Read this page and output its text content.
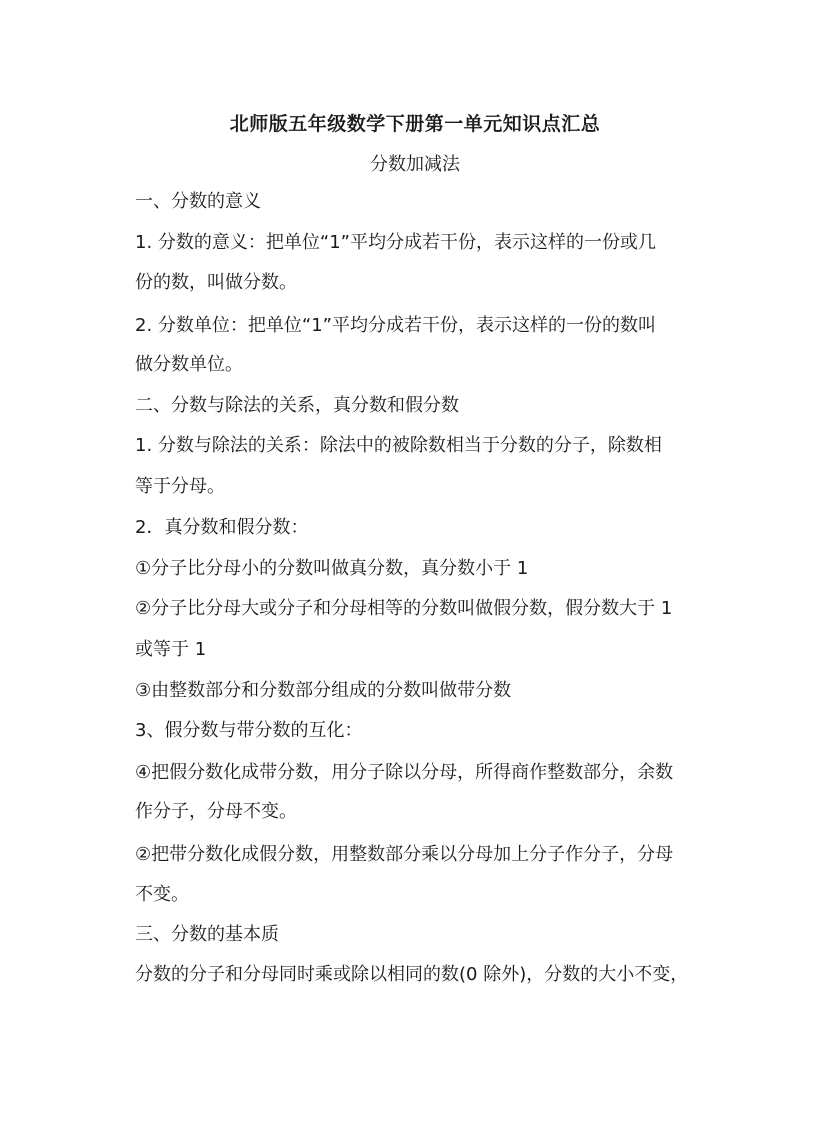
北师版五年级数学下册第一单元知识点汇总
分数加减法
一、分数的意义
1. 分数的意义：把单位“1”平均分成若干份，表示这样的一份或几
份的数，叫做分数。
2. 分数单位：把单位“1”平均分成若干份，表示这样的一份的数叫
做分数单位。
二、分数与除法的关系，真分数和假分数
1. 分数与除法的关系：除法中的被除数相当于分数的分子，除数相
等于分母。
2．真分数和假分数：
①分子比分母小的分数叫做真分数，真分数小于 1
②分子比分母大或分子和分母相等的分数叫做假分数，假分数大于 1
或等于 1
③由整数部分和分数部分组成的分数叫做带分数
3、假分数与带分数的互化：
④把假分数化成带分数，用分子除以分母，所得商作整数部分，余数
作分子，分母不变。
②把带分数化成假分数，用整数部分乘以分母加上分子作分子，分母
不变。
三、分数的基本质
分数的分子和分母同时乘或除以相同的数(0 除外)，分数的大小不变，
